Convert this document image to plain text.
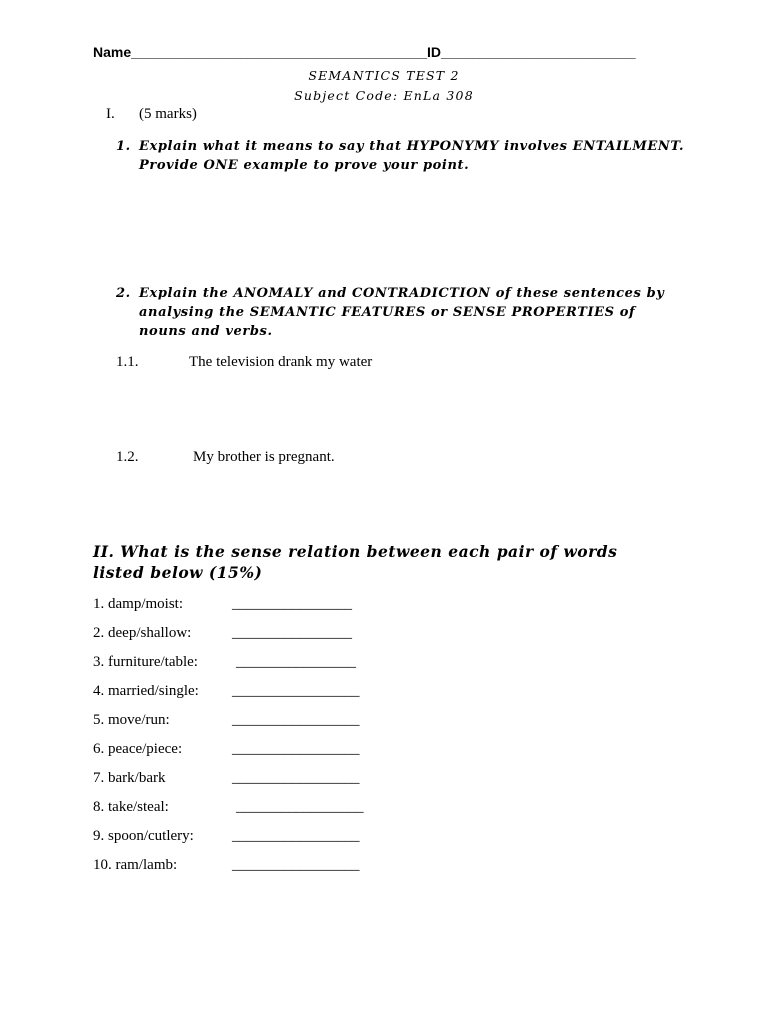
Name______________________________________ID_________________________
SEMANTICS TEST 2
Subject Code: EnLa 308
I. (5 marks)
1. Explain what it means to say that HYPONYMY involves ENTAILMENT. Provide ONE example to prove your point.
2. Explain the ANOMALY and CONTRADICTION of these sentences by analysing the SEMANTIC FEATURES or SENSE PROPERTIES of nouns and verbs.
1.1.	The television drank my water
1.2.	My brother is pregnant.
II. What is the sense relation between each pair of words listed below (15%)
1. damp/moist:	________________
2. deep/shallow:	________________
3. furniture/table:	________________
4. married/single: _________________
5. move/run:	_________________
6. peace/piece:	_________________
7. bark/bark	_________________
8. take/steal:	_________________
9. spoon/cutlery:	_________________
10. ram/lamb:	_________________
